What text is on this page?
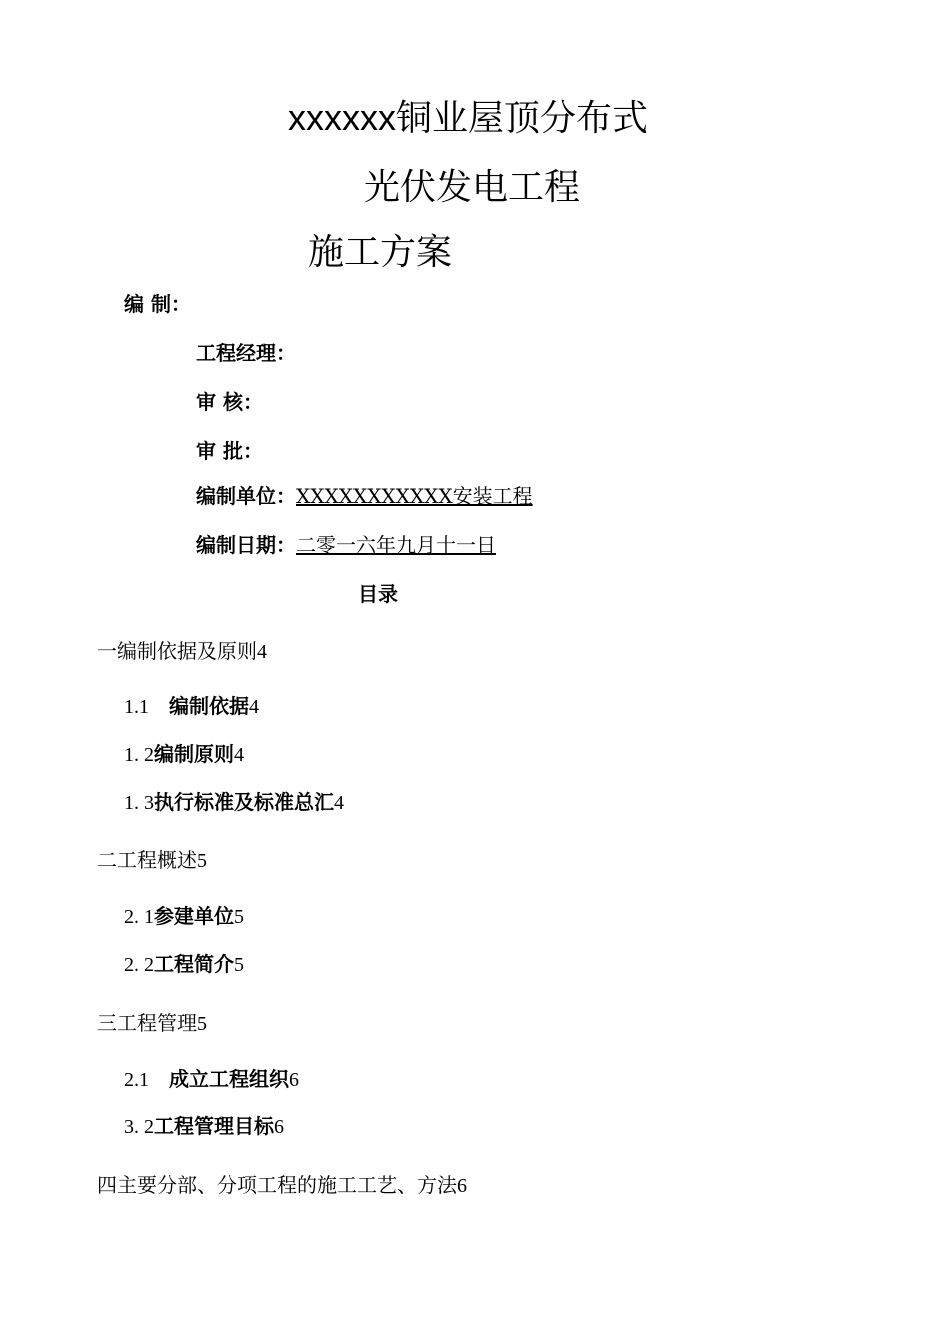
xxxxxx铜业屋顶分布式
光伏发电工程
施工方案
编 制：
工程经理：
审 核：
审 批：
编制单位：XXXXXXXXXXX安装工程
编制日期：二零一六年九月十一日
目录
一编制依据及原则4
1.1 编制依据4
1. 2编制原则4
1. 3执行标准及标准总汇4
二工程概述5
2. 1参建单位5
2. 2工程简介5
三工程管理5
2.1 成立工程组织6
3. 2工程管理目标6
四主要分部、分项工程的施工工艺、方法6
